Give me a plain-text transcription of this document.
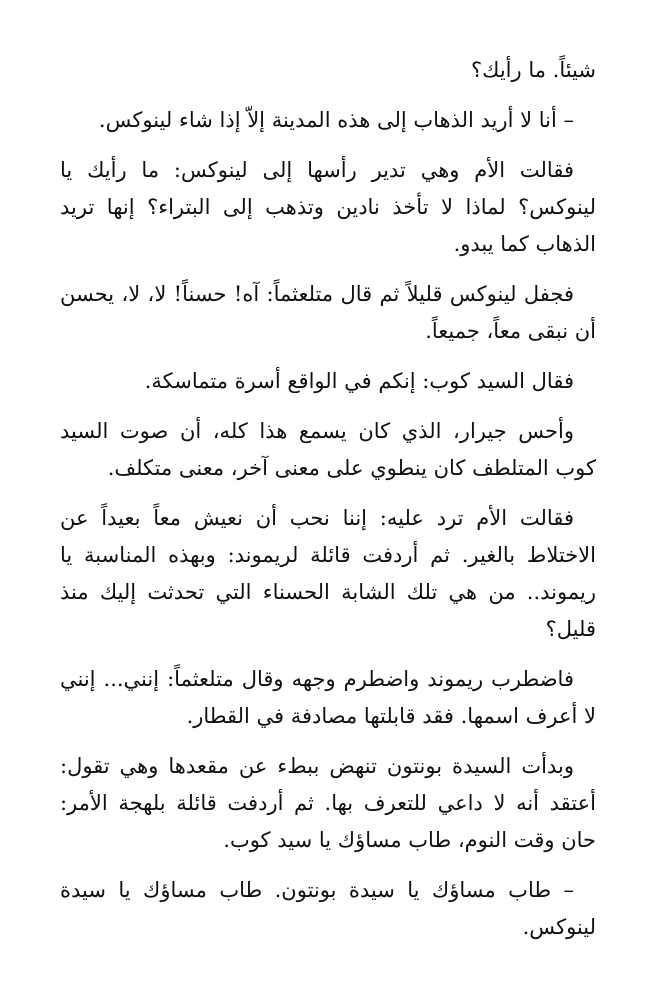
شيئاً. ما رأيك؟

– أنا لا أريد الذهاب إلى هذه المدينة إلاّ إذا شاء لينوكس.

فقالت الأم وهي تدير رأسها إلى لينوكس: ما رأيك يا لينوكس؟ لماذا لا تأخذ نادين وتذهب إلى البتراء؟ إنها تريد الذهاب كما يبدو.

فجفل لينوكس قليلاً ثم قال متلعثماً: آه! حسناً! لا، لا، يحسن أن نبقى معاً، جميعاً.

فقال السيد كوب: إنكم في الواقع أسرة متماسكة.

وأحس جيرار، الذي كان يسمع هذا كله، أن صوت السيد كوب المتلطف كان ينطوي على معنى آخر، معنى متكلف.

فقالت الأم ترد عليه: إننا نحب أن نعيش معاً بعيداً عن الاختلاط بالغير. ثم أردفت قائلة لريموند: وبهذه المناسبة يا ريموند.. من هي تلك الشابة الحسناء التي تحدثت إليك منذ قليل؟

فاضطرب ريموند واضطرم وجهه وقال متلعثماً: إنني... إنني لا أعرف اسمها. فقد قابلتها مصادفة في القطار.

وبدأت السيدة بونتون تنهض ببطء عن مقعدها وهي تقول: أعتقد أنه لا داعي للتعرف بها. ثم أردفت قائلة بلهجة الأمر: حان وقت النوم، طاب مساؤك يا سيد كوب.

– طاب مساؤك يا سيدة بونتون. طاب مساؤك يا سيدة لينوكس.
